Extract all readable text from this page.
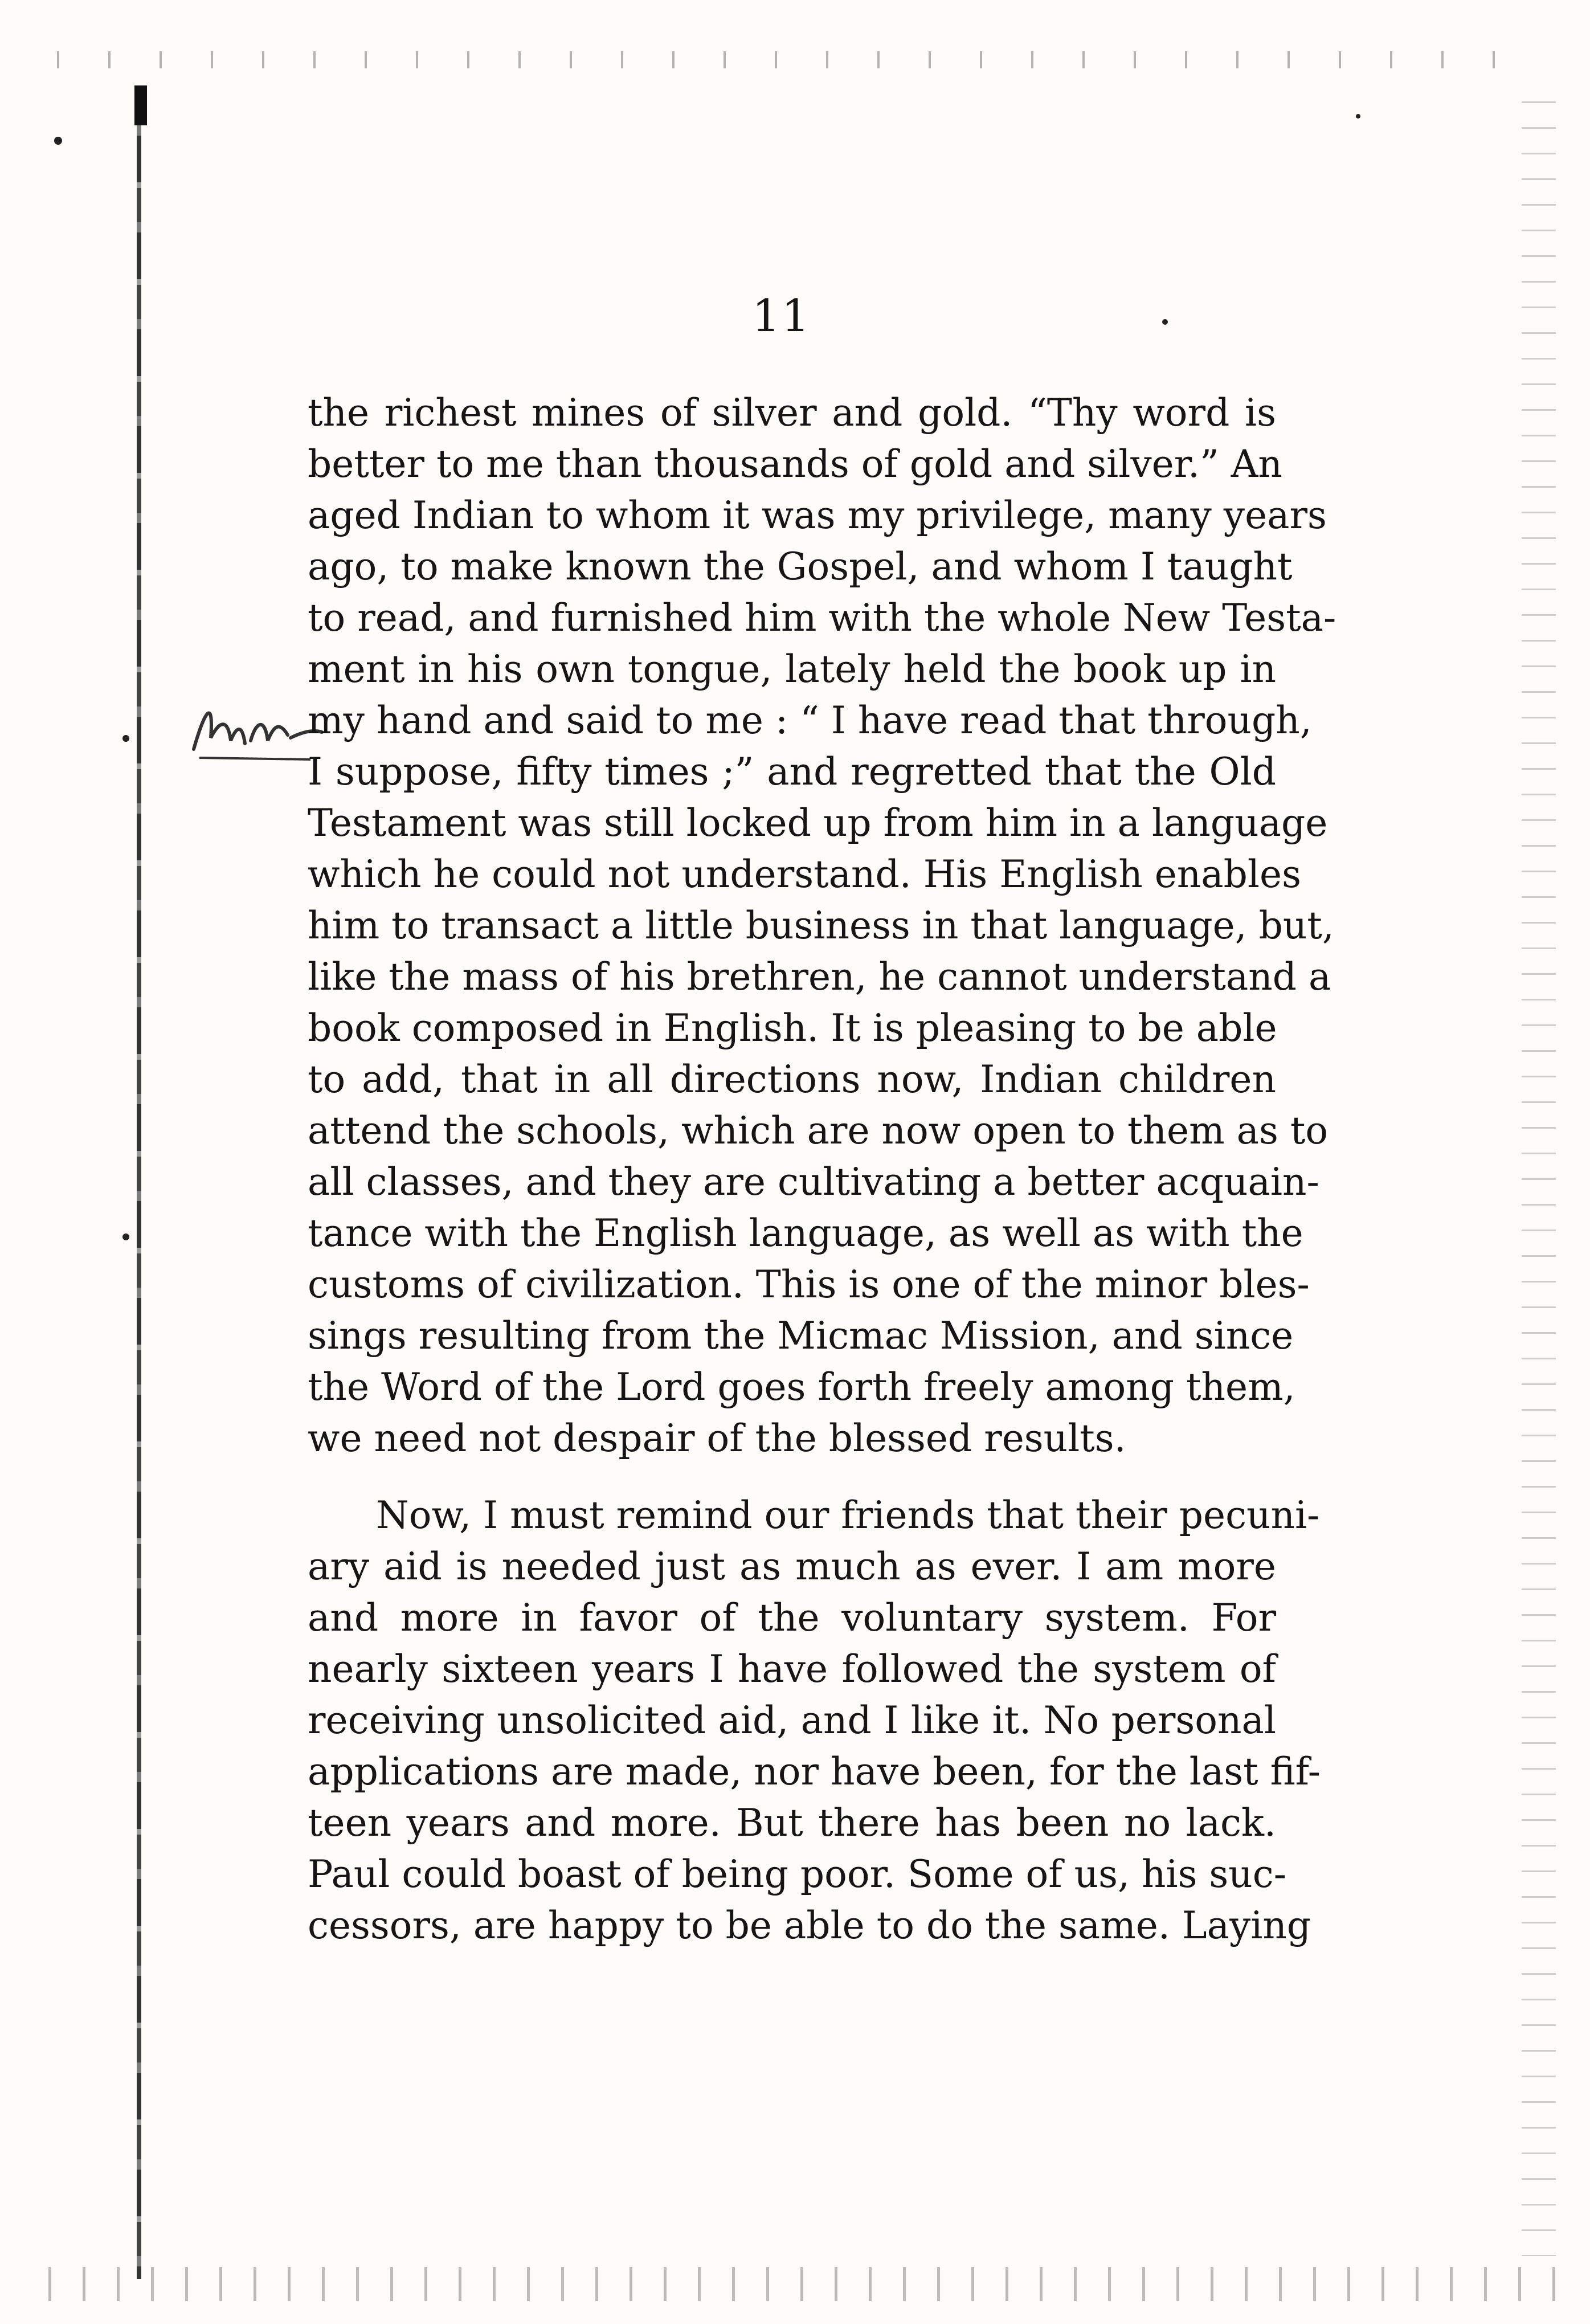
11
the richest mines of silver and gold. “Thy word is
better to me than thousands of gold and silver.” An
aged Indian to whom it was my privilege, many years
ago, to make known the Gospel, and whom I taught
to read, and furnished him with the whole New Testa-
ment in his own tongue, lately held the book up in
my hand and said to me : “ I have read that through,
I suppose, fifty times ;” and regretted that the Old
Testament was still locked up from him in a language
which he could not understand. His English enables
him to transact a little business in that language, but,
like the mass of his brethren, he cannot understand a
book composed in English. It is pleasing to be able
to add, that in all directions now, Indian children
attend the schools, which are now open to them as to
all classes, and they are cultivating a better acquain-
tance with the English language, as well as with the
customs of civilization. This is one of the minor bles-
sings resulting from the Micmac Mission, and since
the Word of the Lord goes forth freely among them,
we need not despair of the blessed results.
Now, I must remind our friends that their pecuni-
ary aid is needed just as much as ever. I am more
and more in favor of the voluntary system. For
nearly sixteen years I have followed the system of
receiving unsolicited aid, and I like it. No personal
applications are made, nor have been, for the last fif-
teen years and more. But there has been no lack.
Paul could boast of being poor. Some of us, his suc-
cessors, are happy to be able to do the same. Laying
